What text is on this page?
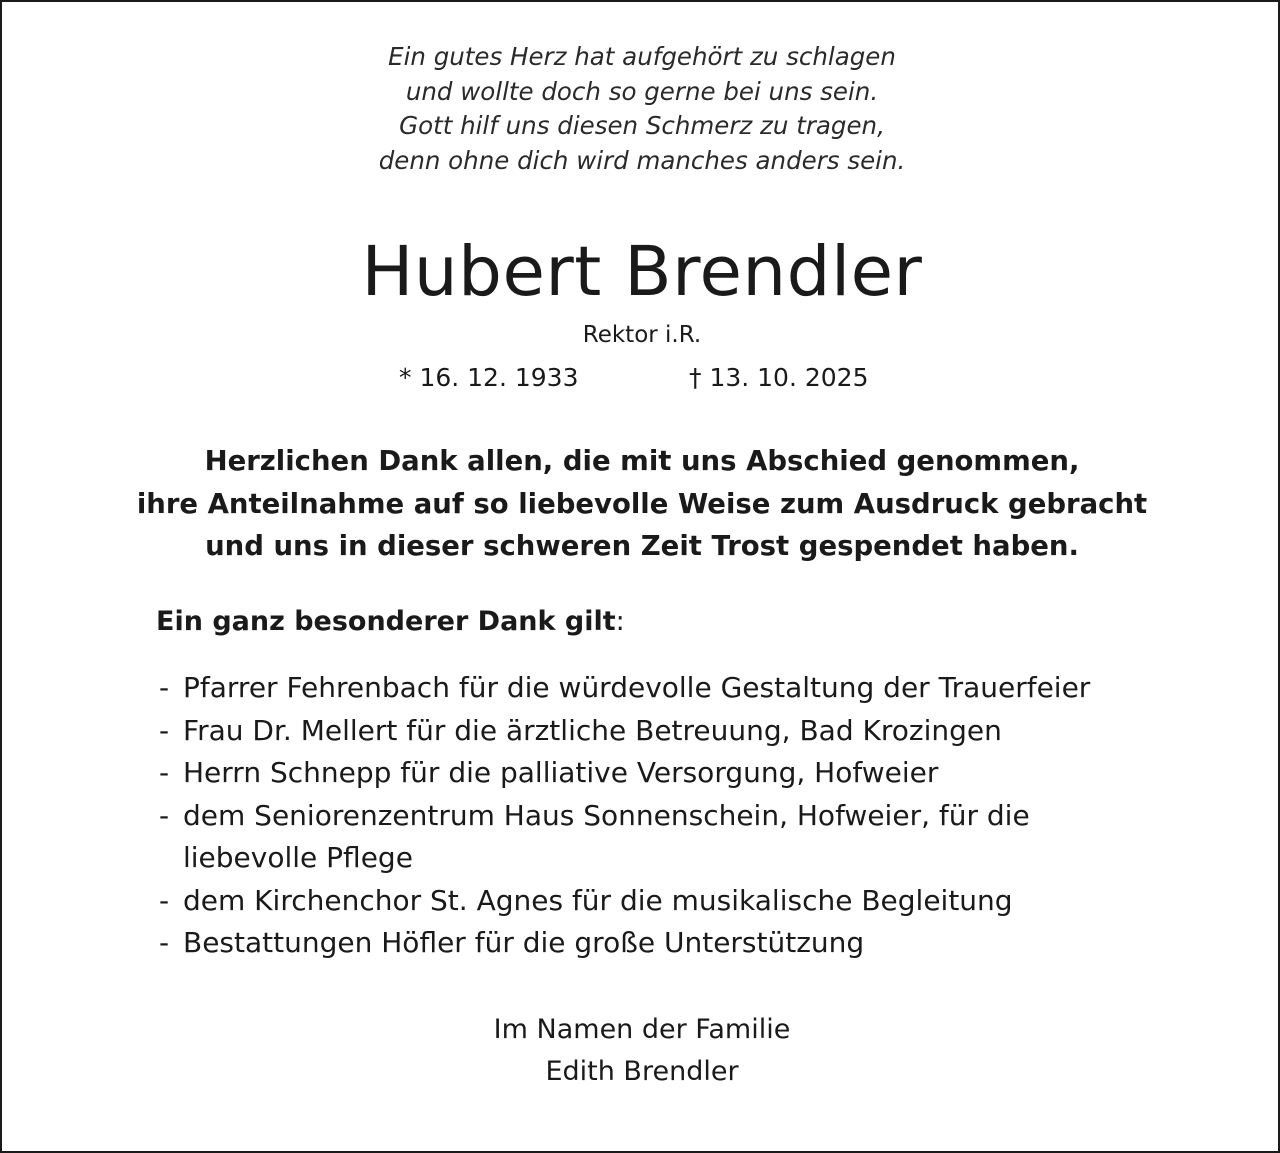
Ein gutes Herz hat aufgehört zu schlagen
und wollte doch so gerne bei uns sein.
Gott hilf uns diesen Schmerz zu tragen,
denn ohne dich wird manches anders sein.
Hubert Brendler
Rektor i.R.
* 16. 12. 1933	† 13. 10. 2025
Herzlichen Dank allen, die mit uns Abschied genommen,
ihre Anteilnahme auf so liebevolle Weise zum Ausdruck gebracht
und uns in dieser schweren Zeit Trost gespendet haben.
Ein ganz besonderer Dank gilt:
- Pfarrer Fehrenbach für die würdevolle Gestaltung der Trauerfeier
- Frau Dr. Mellert für die ärztliche Betreuung, Bad Krozingen
- Herrn Schnepp für die palliative Versorgung, Hofweier
- dem Seniorenzentrum Haus Sonnenschein, Hofweier, für die
liebevolle Pflege
- dem Kirchenchor St. Agnes für die musikalische Begleitung
- Bestattungen Höfler für die große Unterstützung
Im Namen der Familie
Edith Brendler
